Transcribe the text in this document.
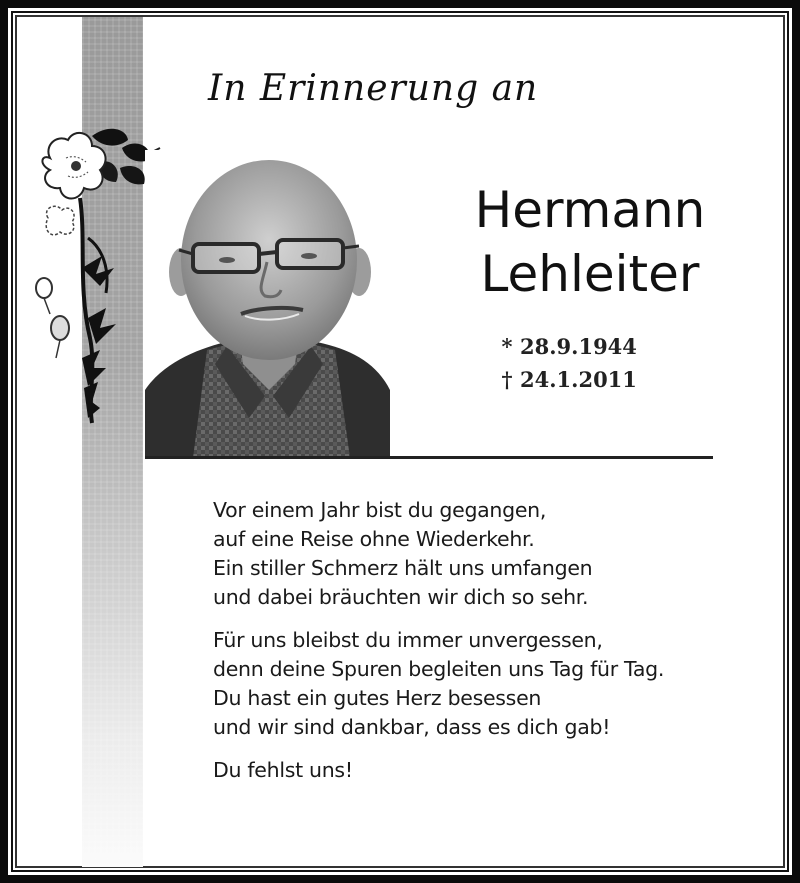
In Erinnerung an
Hermann
Lehleiter
* 28.9.1944
† 24.1.2011
Vor einem Jahr bist du gegangen,
auf eine Reise ohne Wiederkehr.
Ein stiller Schmerz hält uns umfangen
und dabei bräuchten wir dich so sehr.
Für uns bleibst du immer unvergessen,
denn deine Spuren begleiten uns Tag für Tag.
Du hast ein gutes Herz besessen
und wir sind dankbar, dass es dich gab!
Du fehlst uns!
